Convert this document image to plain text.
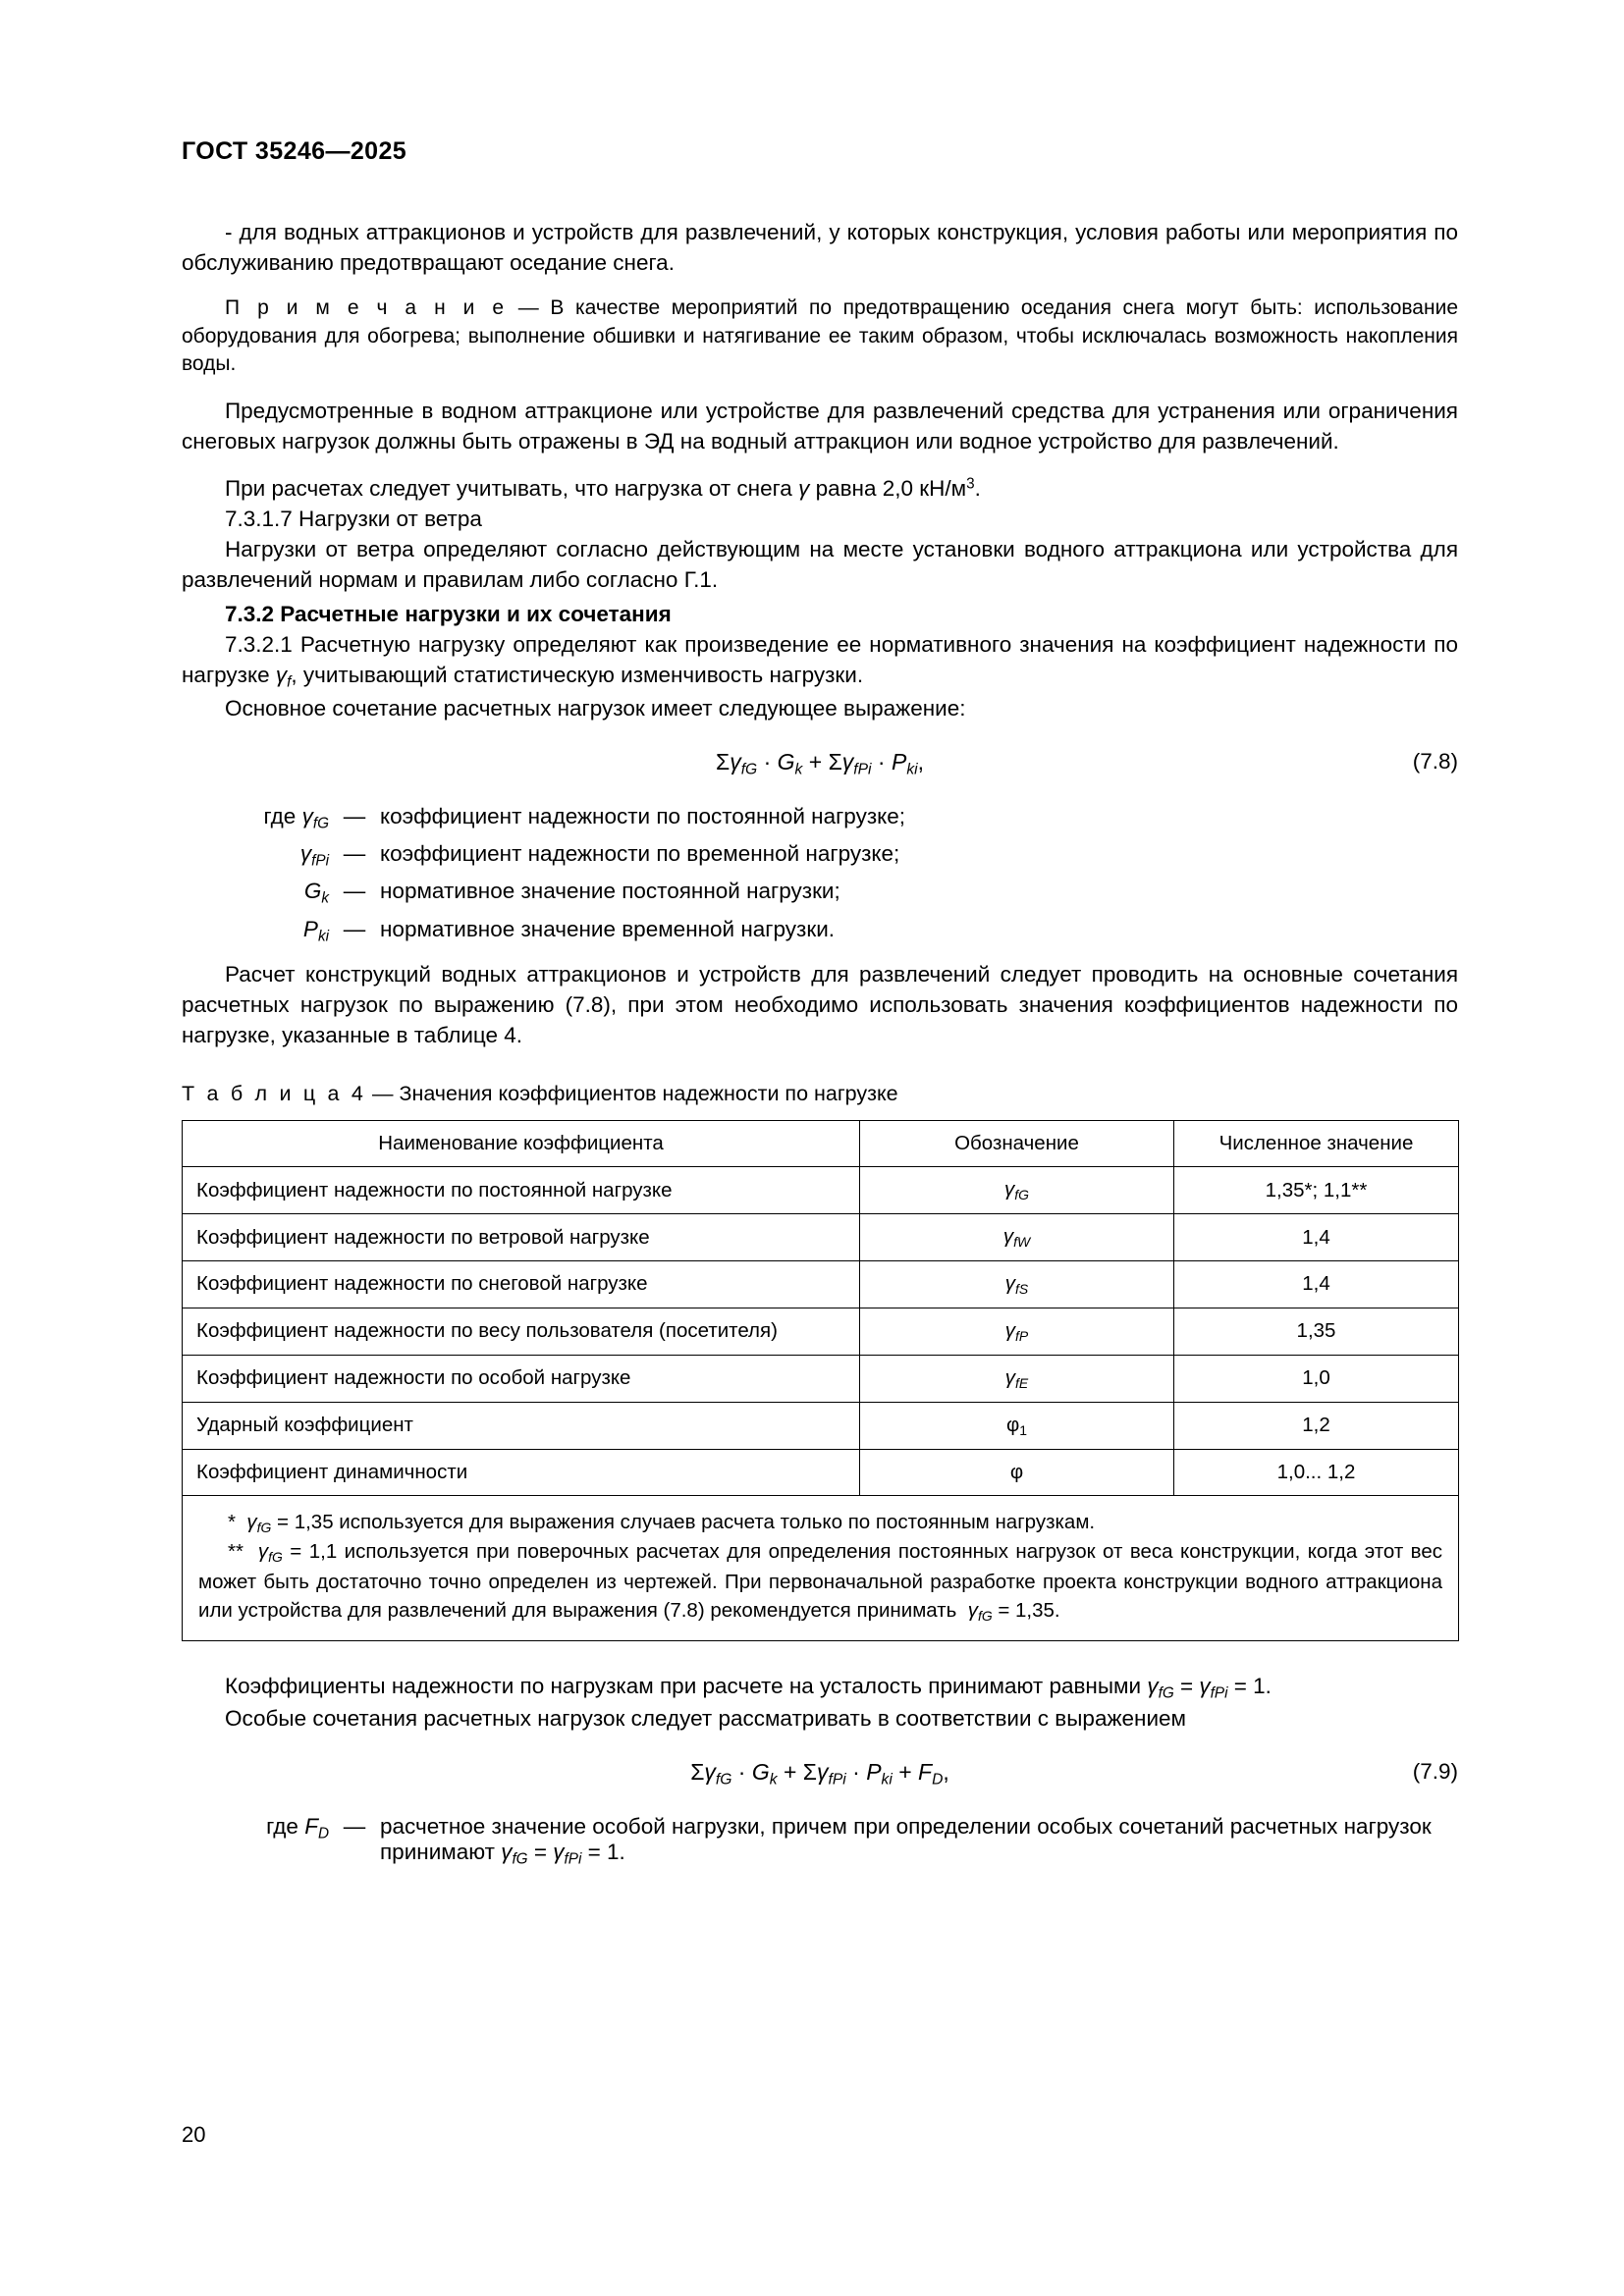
ГОСТ 35246—2025

- для водных аттракционов и устройств для развлечений, у которых конструкция, условия работы или мероприятия по обслуживанию предотвращают оседание снега.

П р и м е ч а н и е — В качестве мероприятий по предотвращению оседания снега могут быть: использование оборудования для обогрева; выполнение обшивки и натягивание ее таким образом, чтобы исключалась возможность накопления воды.

Предусмотренные в водном аттракционе или устройстве для развлечений средства для устранения или ограничения снеговых нагрузок должны быть отражены в ЭД на водный аттракцион или водное устройство для развлечений.

При расчетах следует учитывать, что нагрузка от снега γ равна 2,0 $кН/м^3$.

7.3.1.7 Нагрузки от ветра

Нагрузки от ветра определяют согласно действующим на месте установки водного аттракциона или устройства для развлечений нормам и правилам либо согласно Г.1.

7.3.2 Расчетные нагрузки и их сочетания

7.3.2.1 Расчетную нагрузку определяют как произведение ее нормативного значения на коэффициент надежности по нагрузке $\gamma_f$, учитывающий статистическую изменчивость нагрузки.

Основное сочетание расчетных нагрузок имеет следующее выражение:

$\Sigma\gamma_{fG} \cdot G_k + \Sigma\gamma_{fPi} \cdot P_{ki}$,	(7.8)
где $\gamma_{fG}$ — коэффициент надежности по постоянной нагрузке;
$\gamma_{fPi}$ — коэффициент надежности по временной нагрузке;
$G_k$ — нормативное значение постоянной нагрузки;
$P_{ki}$ — нормативное значение временной нагрузки.

Расчет конструкций водных аттракционов и устройств для развлечений следует проводить на основные сочетания расчетных нагрузок по выражению (7.8), при этом необходимо использовать значения коэффициентов надежности по нагрузке, указанные в таблице 4.

Т а б л и ц а 4 — Значения коэффициентов надежности по нагрузке
Наименование коэффициента	Обозначение	Численное значение
Коэффициент надежности по постоянной нагрузке	$\gamma_{fG}$	1,35*; 1,1**
Коэффициент надежности по ветровой нагрузке	$\gamma_{fW}$	1,4
Коэффициент надежности по снеговой нагрузке	$\gamma_{fS}$	1,4
Коэффициент надежности по весу пользователя (посетителя)	$\gamma_{fP}$	1,35
Коэффициент надежности по особой нагрузке	$\gamma_{fE}$	1,0
Ударный коэффициент	$\varphi_1$	1,2
Коэффициент динамичности	φ	1,0... 1,2

*  $\gamma_{fG} = 1,35$ используется для выражения случаев расчета только по постоянным нагрузкам.
**  $\gamma_{fG} = 1,1$ используется при поверочных расчетах для определения постоянных нагрузок от веса конструкции, когда этот вес может быть достаточно точно определен из чертежей. При первоначальной разработке проекта конструкции водного аттракциона или устройства для развлечений для выражения (7.8) рекомендуется принимать  $\gamma_{fG} = 1,35$.		

Коэффициенты надежности по нагрузкам при расчете на усталость принимают равными $\gamma_{fG} = \gamma_{fPi} = 1$.

Особые сочетания расчетных нагрузок следует рассматривать в соответствии с выражением

$\Sigma\gamma_{fG} \cdot G_k + \Sigma\gamma_{fPi} \cdot P_{ki} + F_D$,	(7.9)
где $F_D$ — расчетное значение особой нагрузки, причем при определении особых сочетаний расчетных нагрузок принимают $\gamma_{fG} = \gamma_{fPi} = 1$.
20
